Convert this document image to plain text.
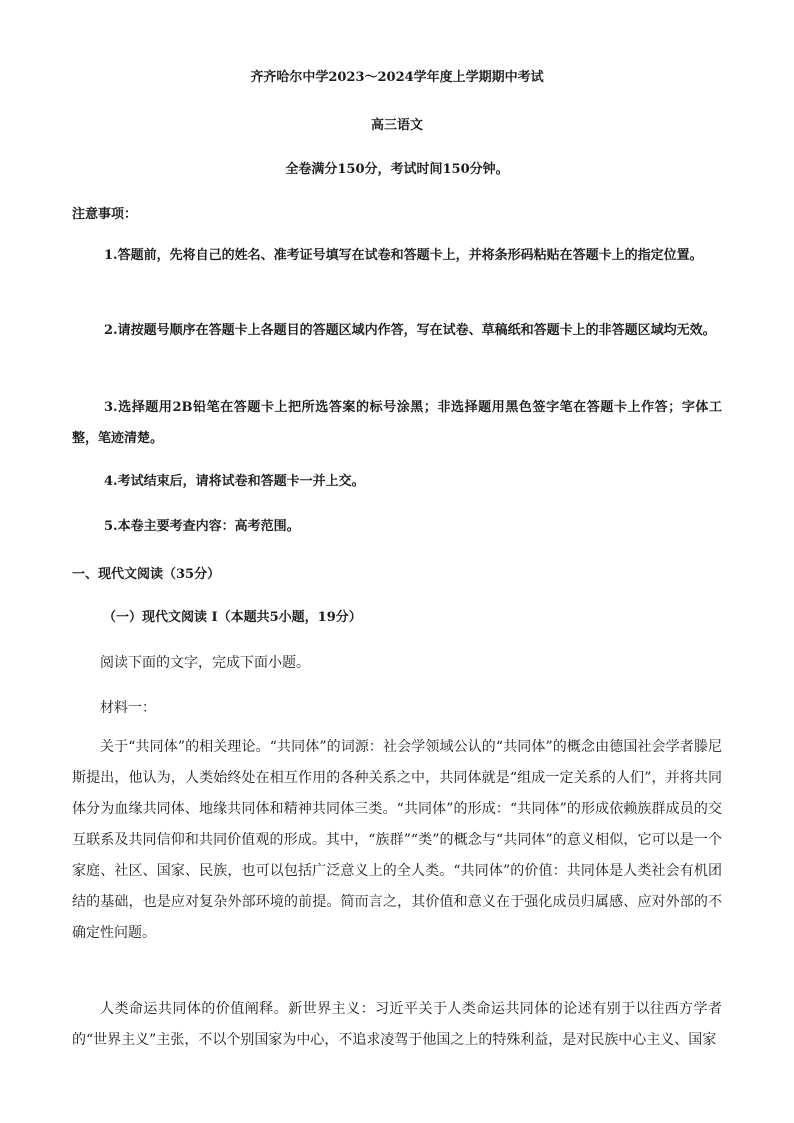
齐齐哈尔中学2023～2024学年度上学期期中考试

高三语文

全卷满分150分，考试时间150分钟。

注意事项：

1.答题前，先将自己的姓名、准考证号填写在试卷和答题卡上，并将条形码粘贴在答题卡上的指定位置。

2.请按题号顺序在答题卡上各题目的答题区域内作答，写在试卷、草稿纸和答题卡上的非答题区域均无效。

3.选择题用2B铅笔在答题卡上把所选答案的标号涂黑；非选择题用黑色签字笔在答题卡上作答；字体工整，笔迹清楚。

4.考试结束后，请将试卷和答题卡一并上交。

5.本卷主要考查内容：高考范围。

一、现代文阅读（35分）

（一）现代文阅读 I（本题共5小题，19分）

阅读下面的文字，完成下面小题。

材料一：

关于“共同体”的相关理论。“共同体”的词源：社会学领域公认的“共同体”的概念由德国社会学者滕尼斯提出，他认为，人类始终处在相互作用的各种关系之中，共同体就是“组成一定关系的人们”，并将共同体分为血缘共同体、地缘共同体和精神共同体三类。“共同体”的形成：“共同体”的形成依赖族群成员的交互联系及共同信仰和共同价值观的形成。其中，“族群”“类”的概念与“共同体”的意义相似，它可以是一个家庭、社区、国家、民族，也可以包括广泛意义上的全人类。“共同体”的价值：共同体是人类社会有机团结的基础，也是应对复杂外部环境的前提。简而言之，其价值和意义在于强化成员归属感、应对外部的不确定性问题。

人类命运共同体的价值阐释。新世界主义：习近平关于人类命运共同体的论述有别于以往西方学者的“世界主义”主张，不以个别国家为中心，不追求凌驾于他国之上的特殊利益，是对民族中心主义、国家
